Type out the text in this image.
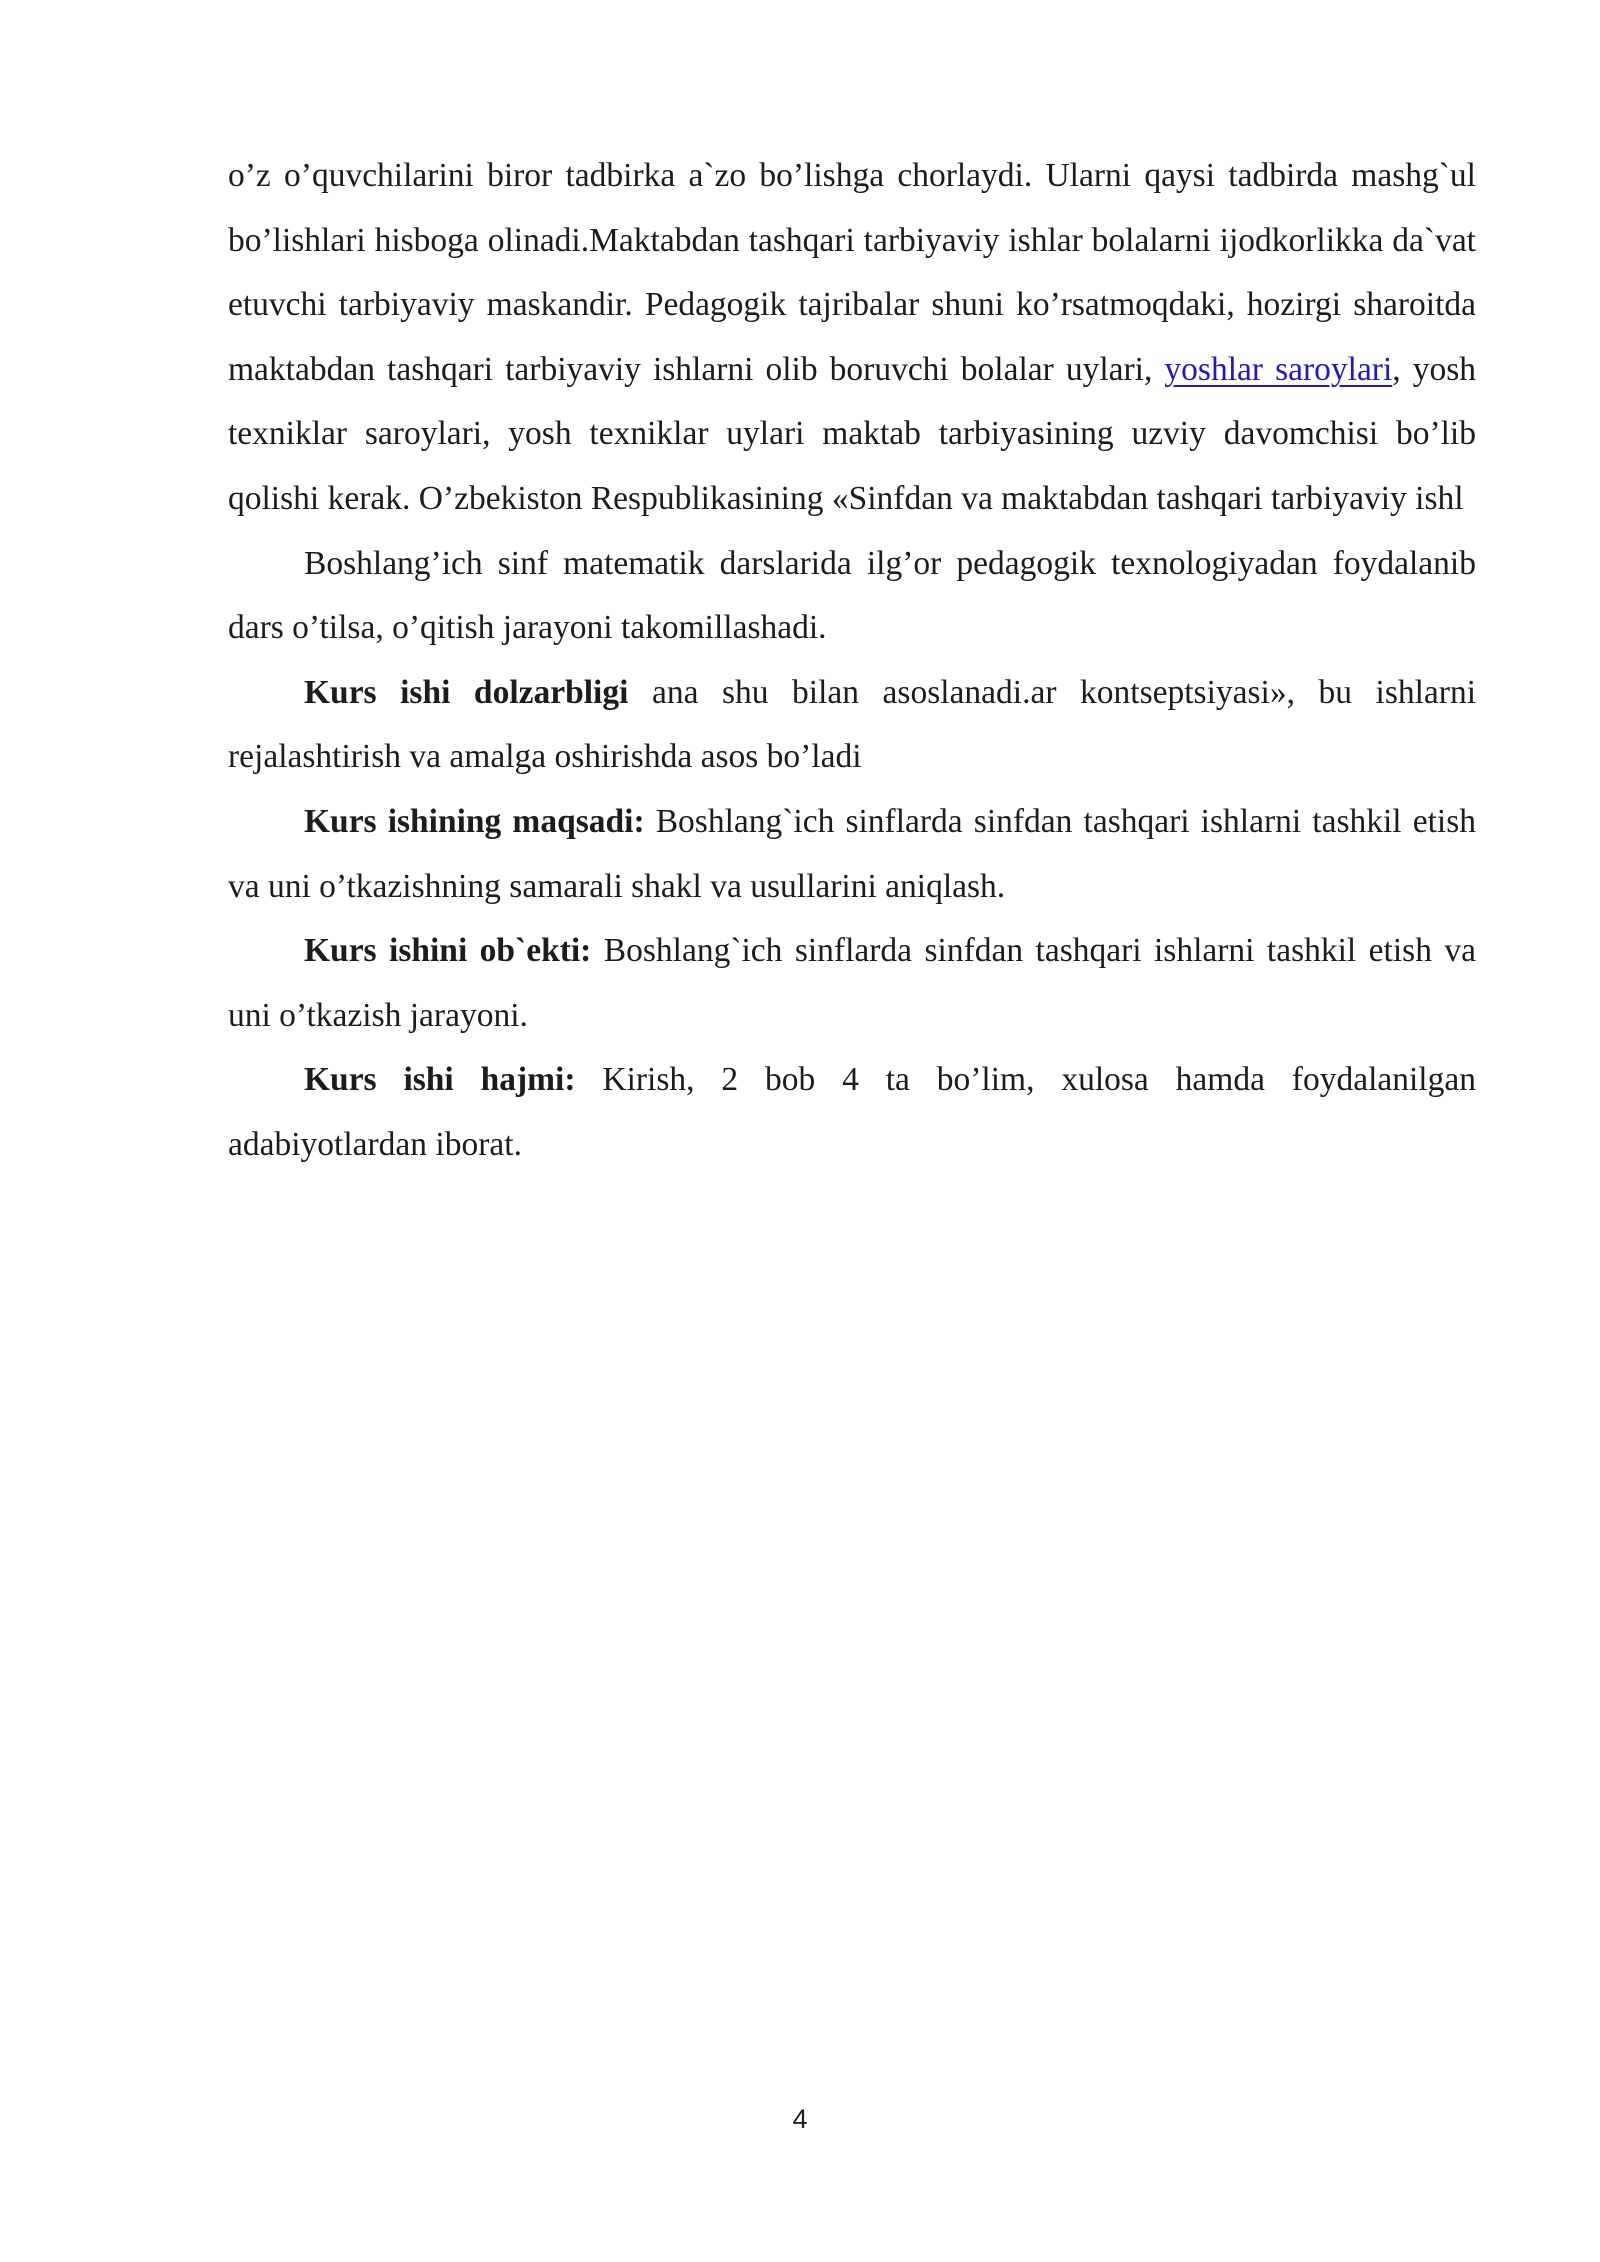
o’z o’quvchilarini biror tadbirka a`zo bo’lishga chorlaydi. Ularni qaysi tadbirda mashg`ul bo’lishlari hisboga olinadi.Maktabdan tashqari tarbiyaviy ishlar bolalarni ijodkorlikka da`vat etuvchi tarbiyaviy maskandir. Pedagogik tajribalar shuni ko’rsatmoqdaki, hozirgi sharoitda maktabdan tashqari tarbiyaviy ishlarni olib boruvchi bolalar uylari, yoshlar saroylari, yosh texniklar saroylari, yosh texniklar uylari maktab tarbiyasining uzviy davomchisi bo’lib qolishi kerak. O’zbekiston Respublikasining «Sinfdan va maktabdan tashqari tarbiyaviy ishl

Boshlang’ich sinf matematik darslarida ilg’or pedagogik texnologiyadan foydalanib dars o’tilsa, o’qitish jarayoni takomillashadi.

Kurs ishi dolzarbligi ana shu bilan asoslanadi.ar kontseptsiyasi», bu ishlarni rejalashtirish va amalga oshirishda asos bo’ladi

Kurs ishining maqsadi: Boshlang`ich sinflarda sinfdan tashqari ishlarni tashkil etish va uni o’tkazishning samarali shakl va usullarini aniqlash.

Kurs ishini ob`ekti: Boshlang`ich sinflarda sinfdan tashqari ishlarni tashkil etish va uni o’tkazish jarayoni.

Kurs ishi hajmi: Kirish, 2 bob 4 ta bo’lim, xulosa hamda foydalanilgan adabiyotlardan iborat.

4
